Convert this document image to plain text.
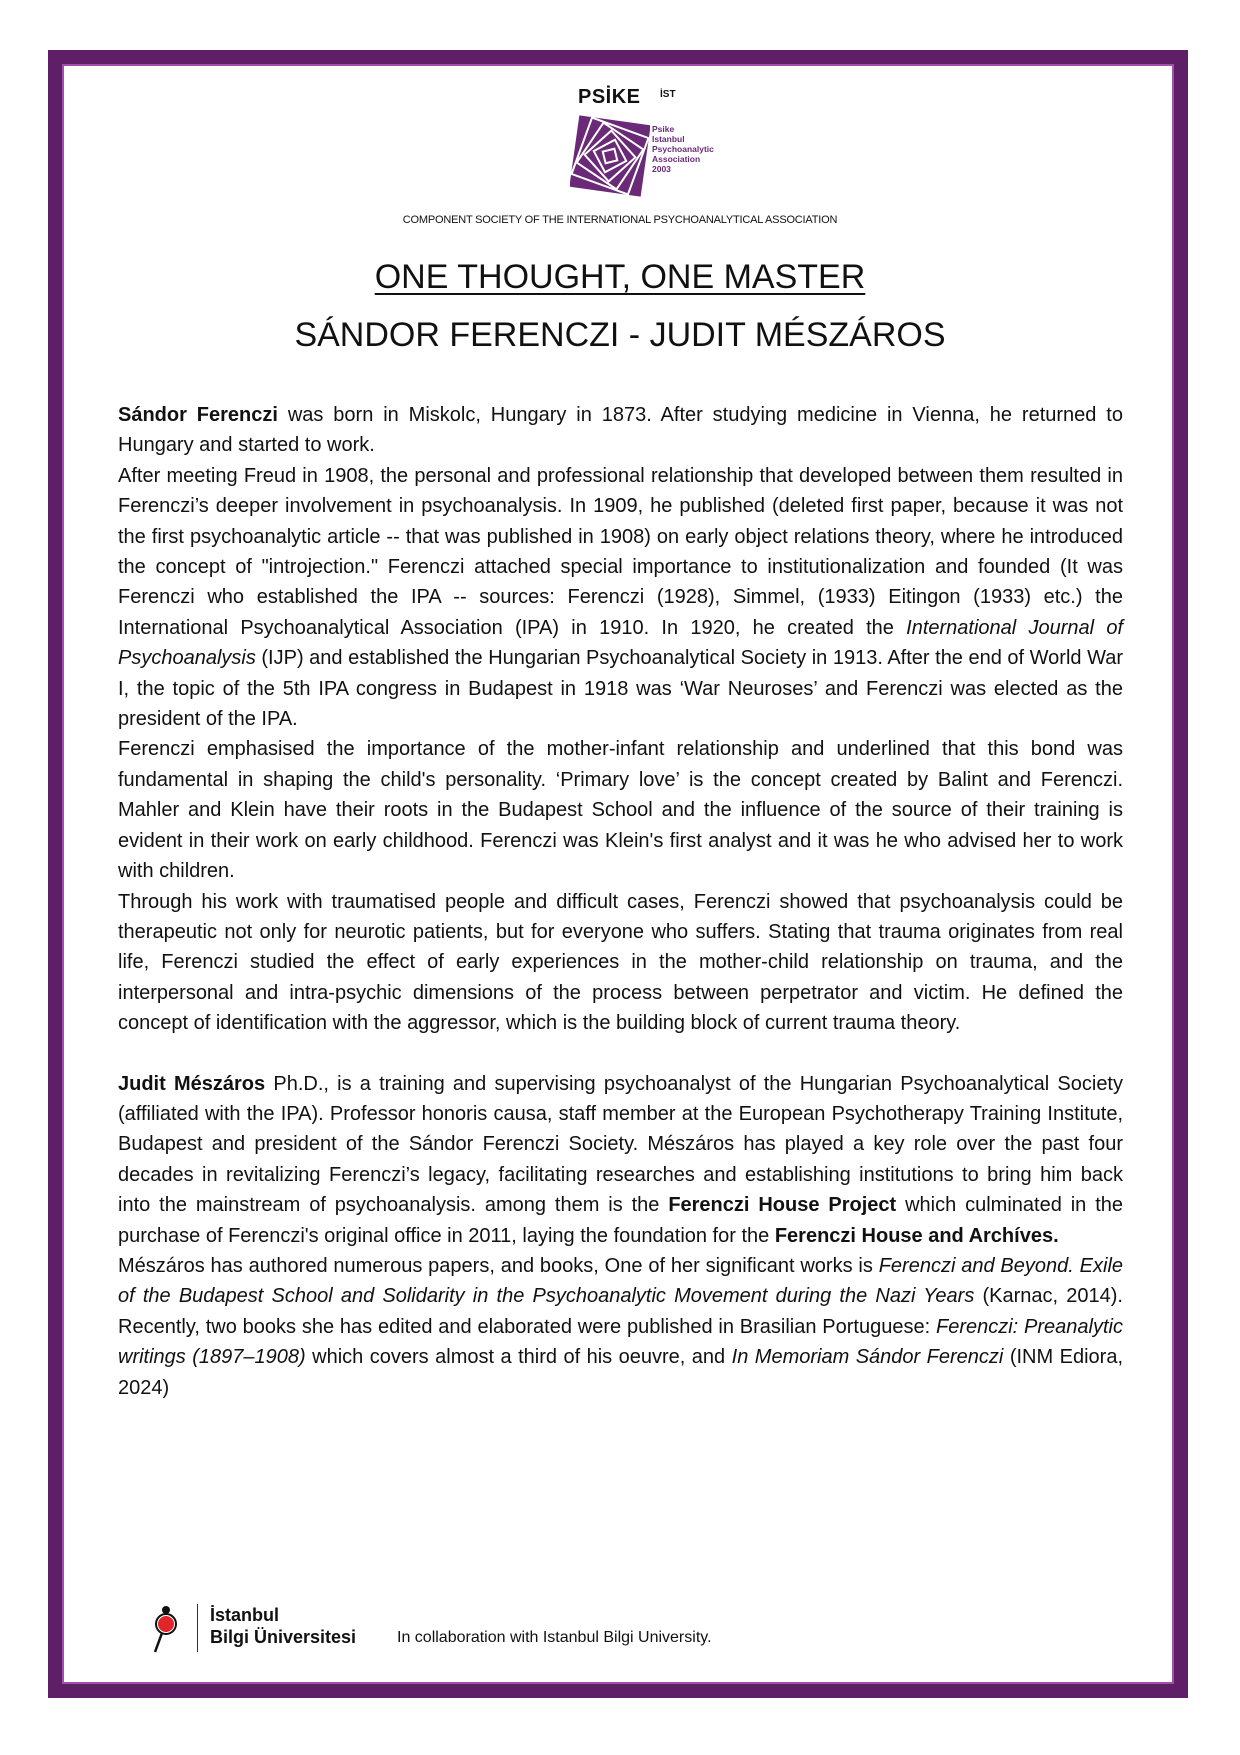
PSİKE İST
Psike
Istanbul
Psychoanalytic
Association
2003
COMPONENT SOCIETY OF THE INTERNATIONAL PSYCHOANALYTICAL ASSOCIATION
ONE THOUGHT, ONE MASTER
SÁNDOR FERENCZI - JUDIT MÉSZÁROS

Sándor Ferenczi was born in Miskolc, Hungary in 1873. After studying medicine in Vienna, he returned to Hungary and started to work.

After meeting Freud in 1908, the personal and professional relationship that developed between them resulted in Ferenczi’s deeper involvement in psychoanalysis. In 1909, he published (deleted first paper, because it was not the first psychoanalytic article -- that was published in 1908) on early object relations theory, where he introduced the concept of "introjection." Ferenczi attached special importance to institutionalization and founded (It was Ferenczi who established the IPA -- sources: Ferenczi (1928), Simmel, (1933) Eitingon (1933) etc.) the International Psychoanalytical Association (IPA) in 1910. In 1920, he created the International Journal of Psychoanalysis (IJP) and established the Hungarian Psychoanalytical Society in 1913. After the end of World War I, the topic of the 5th IPA congress in Budapest in 1918 was ‘War Neuroses’ and Ferenczi was elected as the president of the IPA.

Ferenczi emphasised the importance of the mother-infant relationship and underlined that this bond was fundamental in shaping the child's personality. ‘Primary love’ is the concept created by Balint and Ferenczi. Mahler and Klein have their roots in the Budapest School and the influence of the source of their training is evident in their work on early childhood. Ferenczi was Klein's first analyst and it was he who advised her to work with children.

Through his work with traumatised people and difficult cases, Ferenczi showed that psychoanalysis could be therapeutic not only for neurotic patients, but for everyone who suffers. Stating that trauma originates from real life, Ferenczi studied the effect of early experiences in the mother-child relationship on trauma, and the interpersonal and intra-psychic dimensions of the process between perpetrator and victim. He defined the concept of identification with the aggressor, which is the building block of current trauma theory.

Judit Mészáros Ph.D., is a training and supervising psychoanalyst of the Hungarian Psychoanalytical Society (affiliated with the IPA). Professor honoris causa, staff member at the European Psychotherapy Training Institute, Budapest and president of the Sándor Ferenczi Society. Mészáros has played a key role over the past four decades in revitalizing Ferenczi’s legacy, facilitating researches and establishing institutions to bring him back into the mainstream of psychoanalysis. among them is the Ferenczi House Project which culminated in the purchase of Ferenczi's original office in 2011, laying the foundation for the Ferenczi House and Archíves.

Mészáros has authored numerous papers, and books, One of her significant works is Ferenczi and Beyond. Exile of the Budapest School and Solidarity in the Psychoanalytic Movement during the Nazi Years (Karnac, 2014). Recently, two books she has edited and elaborated were published in Brasilian Portuguese: Ferenczi: Preanalytic writings (1897–1908) which covers almost a third of his oeuvre, and In Memoriam Sándor Ferenczi (INM Ediora, 2024)

İstanbul
Bilgi Üniversitesi	In collaboration with Istanbul Bilgi University.
